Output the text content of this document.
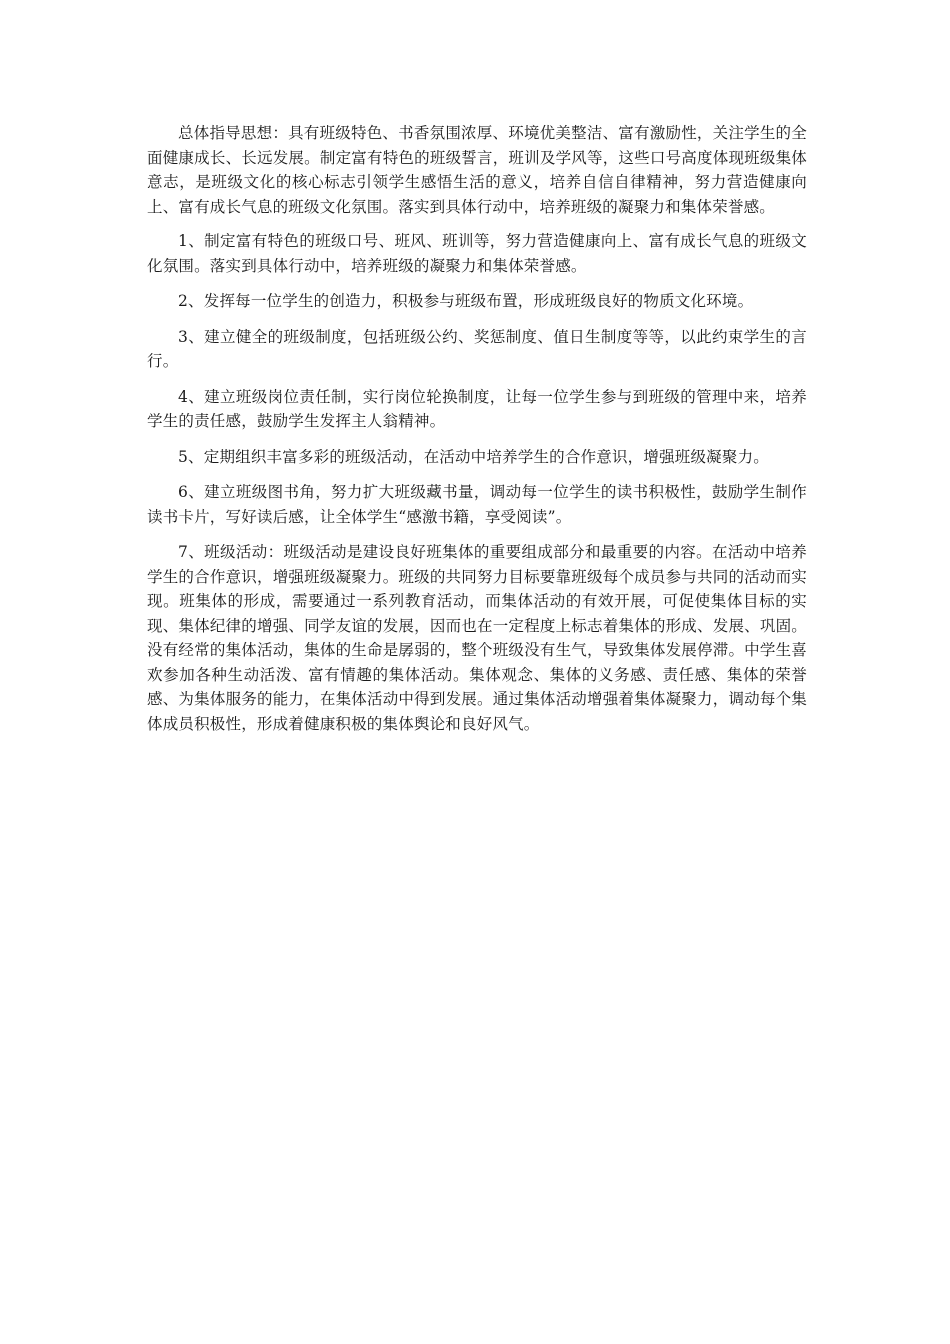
总体指导思想：具有班级特色、书香氛围浓厚、环境优美整洁、富有激励性，关注学生的全面健康成长、长远发展。制定富有特色的班级誓言，班训及学风等，这些口号高度体现班级集体意志，是班级文化的核心标志引领学生感悟生活的意义，培养自信自律精神，努力营造健康向上、富有成长气息的班级文化氛围。落实到具体行动中，培养班级的凝聚力和集体荣誉感。

1、制定富有特色的班级口号、班风、班训等，努力营造健康向上、富有成长气息的班级文化氛围。落实到具体行动中，培养班级的凝聚力和集体荣誉感。

2、发挥每一位学生的创造力，积极参与班级布置，形成班级良好的物质文化环境。

3、建立健全的班级制度，包括班级公约、奖惩制度、值日生制度等等，以此约束学生的言行。

4、建立班级岗位责任制，实行岗位轮换制度，让每一位学生参与到班级的管理中来，培养学生的责任感，鼓励学生发挥主人翁精神。

5、定期组织丰富多彩的班级活动，在活动中培养学生的合作意识，增强班级凝聚力。

6、建立班级图书角，努力扩大班级藏书量，调动每一位学生的读书积极性，鼓励学生制作读书卡片，写好读后感，让全体学生“感激书籍，享受阅读”。

7、班级活动：班级活动是建设良好班集体的重要组成部分和最重要的内容。在活动中培养学生的合作意识，增强班级凝聚力。班级的共同努力目标要靠班级每个成员参与共同的活动而实现。班集体的形成，需要通过一系列教育活动，而集体活动的有效开展，可促使集体目标的实现、集体纪律的增强、同学友谊的发展，因而也在一定程度上标志着集体的形成、发展、巩固。没有经常的集体活动，集体的生命是孱弱的，整个班级没有生气，导致集体发展停滞。中学生喜欢参加各种生动活泼、富有情趣的集体活动。集体观念、集体的义务感、责任感、集体的荣誉感、为集体服务的能力，在集体活动中得到发展。通过集体活动增强着集体凝聚力，调动每个集体成员积极性，形成着健康积极的集体舆论和良好风气。
